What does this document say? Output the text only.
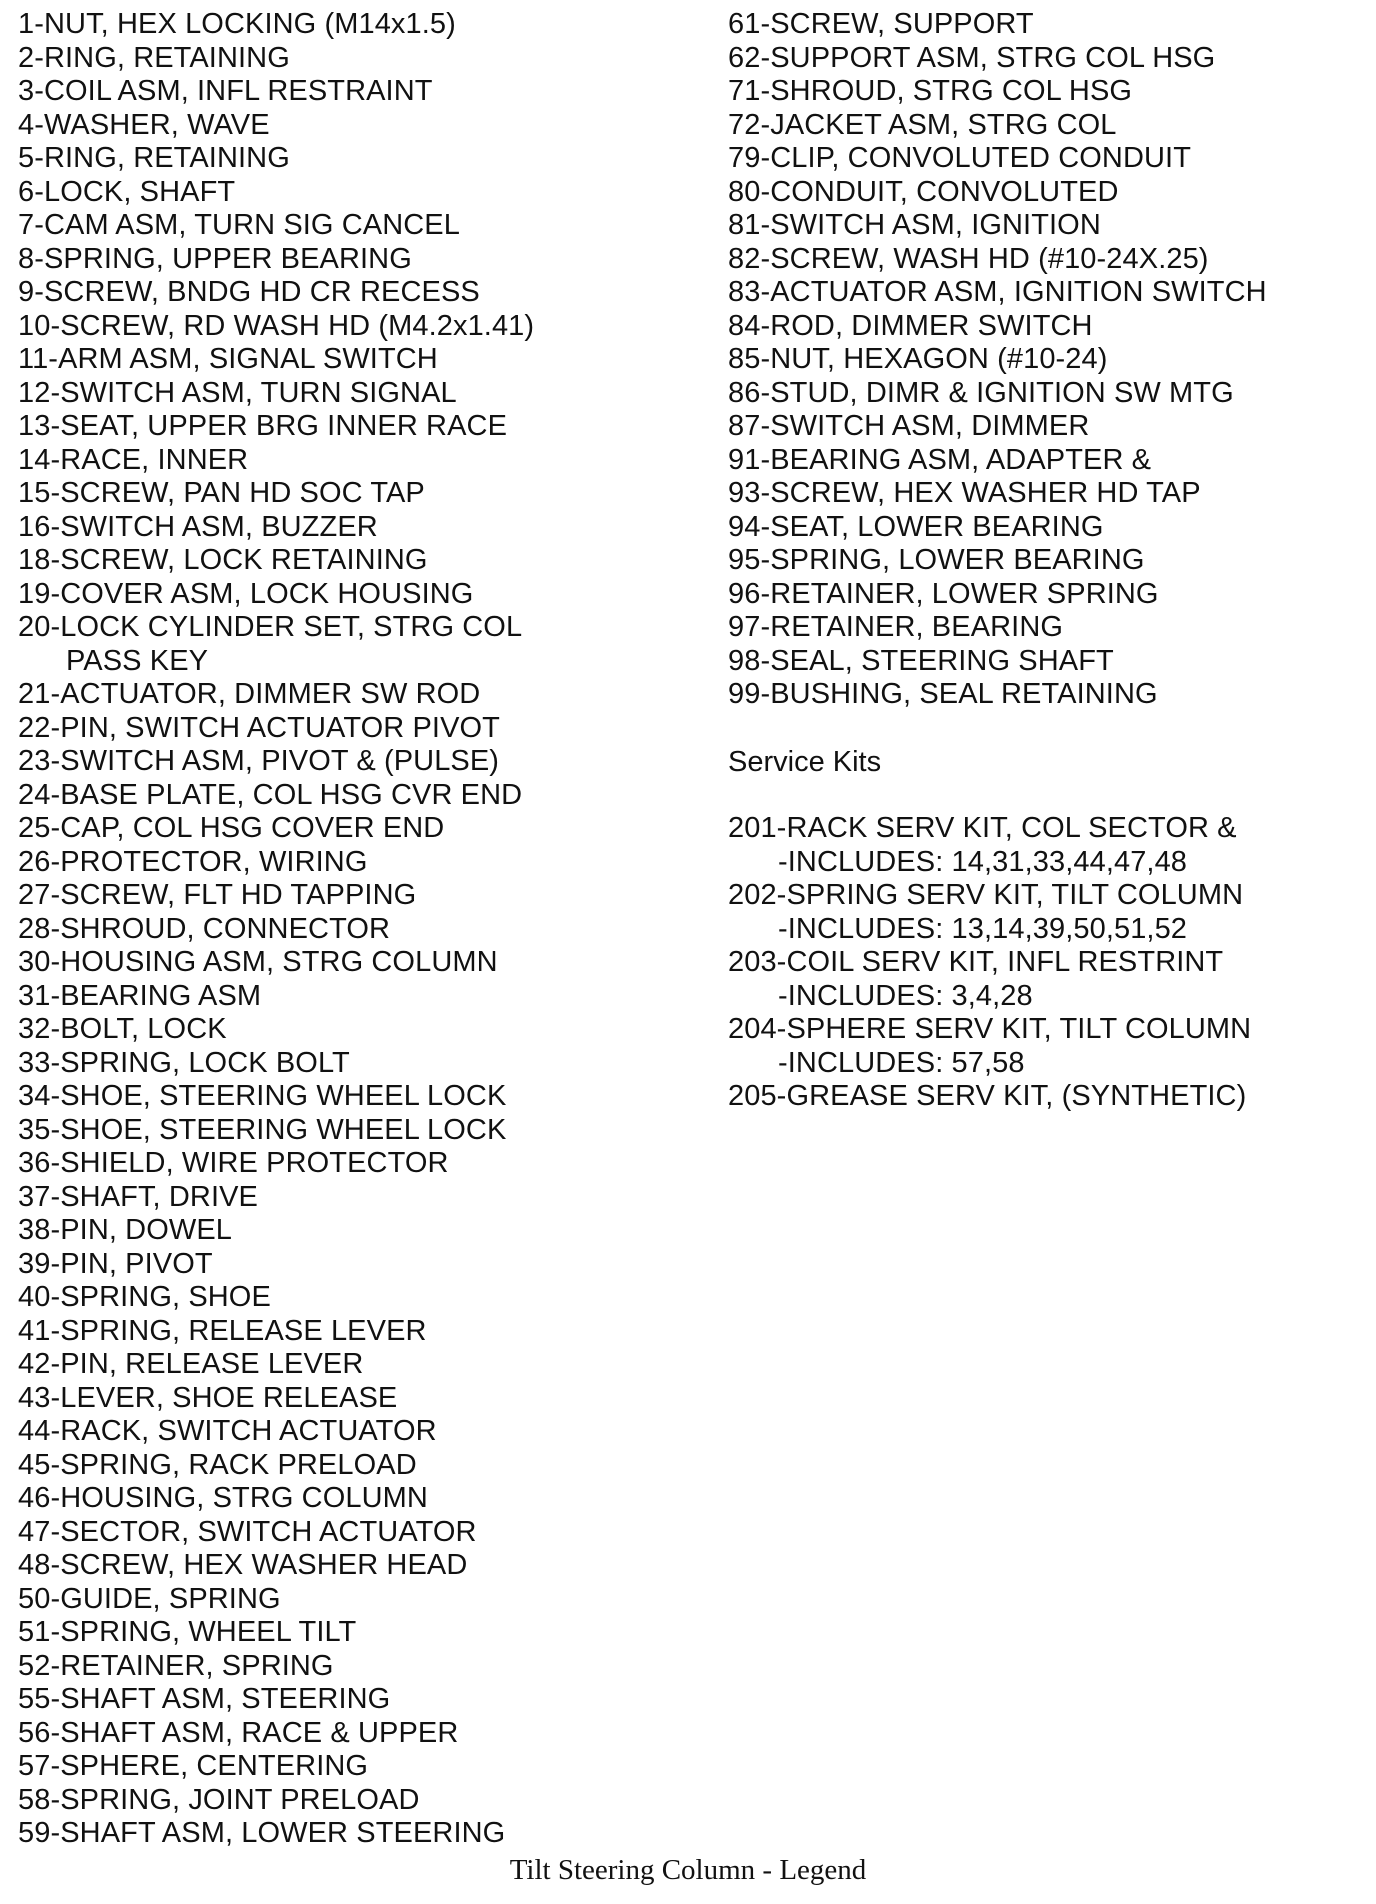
1-NUT, HEX LOCKING (M14x1.5)
2-RING, RETAINING
3-COIL ASM, INFL RESTRAINT
4-WASHER, WAVE
5-RING, RETAINING
6-LOCK, SHAFT
7-CAM ASM, TURN SIG CANCEL
8-SPRING, UPPER BEARING
9-SCREW, BNDG HD CR RECESS
10-SCREW, RD WASH HD (M4.2x1.41)
11-ARM ASM, SIGNAL SWITCH
12-SWITCH ASM, TURN SIGNAL
13-SEAT, UPPER BRG INNER RACE
14-RACE, INNER
15-SCREW, PAN HD SOC TAP
16-SWITCH ASM, BUZZER
18-SCREW, LOCK RETAINING
19-COVER ASM, LOCK HOUSING
20-LOCK CYLINDER SET, STRG COL
PASS KEY
21-ACTUATOR, DIMMER SW ROD
22-PIN, SWITCH ACTUATOR PIVOT
23-SWITCH ASM, PIVOT & (PULSE)
24-BASE PLATE, COL HSG CVR END
25-CAP, COL HSG COVER END
26-PROTECTOR, WIRING
27-SCREW, FLT HD TAPPING
28-SHROUD, CONNECTOR
30-HOUSING ASM, STRG COLUMN
31-BEARING ASM
32-BOLT, LOCK
33-SPRING, LOCK BOLT
34-SHOE, STEERING WHEEL LOCK
35-SHOE, STEERING WHEEL LOCK
36-SHIELD, WIRE PROTECTOR
37-SHAFT, DRIVE
38-PIN, DOWEL
39-PIN, PIVOT
40-SPRING, SHOE
41-SPRING, RELEASE LEVER
42-PIN, RELEASE LEVER
43-LEVER, SHOE RELEASE
44-RACK, SWITCH ACTUATOR
45-SPRING, RACK PRELOAD
46-HOUSING, STRG COLUMN
47-SECTOR, SWITCH ACTUATOR
48-SCREW, HEX WASHER HEAD
50-GUIDE, SPRING
51-SPRING, WHEEL TILT
52-RETAINER, SPRING
55-SHAFT ASM, STEERING
56-SHAFT ASM, RACE & UPPER
57-SPHERE, CENTERING
58-SPRING, JOINT PRELOAD
59-SHAFT ASM, LOWER STEERING
61-SCREW, SUPPORT
62-SUPPORT ASM, STRG COL HSG
71-SHROUD, STRG COL HSG
72-JACKET ASM, STRG COL
79-CLIP, CONVOLUTED CONDUIT
80-CONDUIT, CONVOLUTED
81-SWITCH ASM, IGNITION
82-SCREW, WASH HD (#10-24X.25)
83-ACTUATOR ASM, IGNITION SWITCH
84-ROD, DIMMER SWITCH
85-NUT, HEXAGON (#10-24)
86-STUD, DIMR & IGNITION SW MTG
87-SWITCH ASM, DIMMER
91-BEARING ASM, ADAPTER &
93-SCREW, HEX WASHER HD TAP
94-SEAT, LOWER BEARING
95-SPRING, LOWER BEARING
96-RETAINER, LOWER SPRING
97-RETAINER, BEARING
98-SEAL, STEERING SHAFT
99-BUSHING, SEAL RETAINING
Service Kits
201-RACK SERV KIT, COL SECTOR &
-INCLUDES: 14,31,33,44,47,48
202-SPRING SERV KIT, TILT COLUMN
-INCLUDES: 13,14,39,50,51,52
203-COIL SERV KIT, INFL RESTRINT
-INCLUDES: 3,4,28
204-SPHERE SERV KIT, TILT COLUMN
-INCLUDES: 57,58
205-GREASE SERV KIT, (SYNTHETIC)
Tilt Steering Column - Legend
